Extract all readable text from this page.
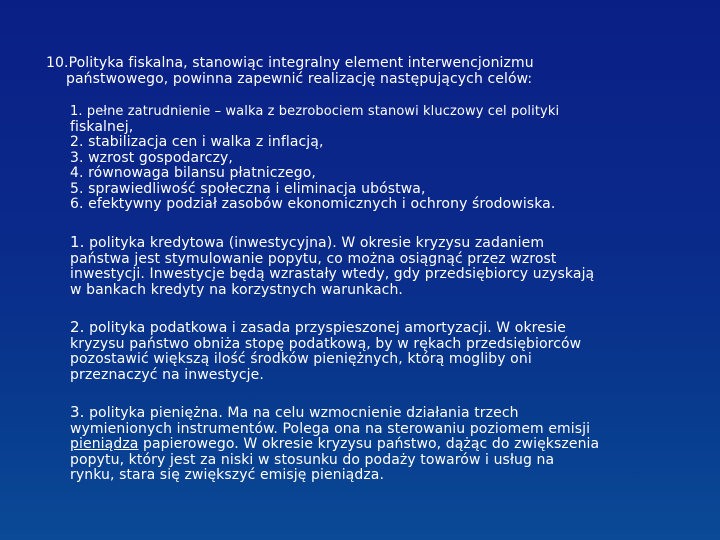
10.Polityka fiskalna, stanowiąc integralny element interwencjonizmu
państwowego, powinna zapewnić realizację następujących celów:
1. pełne zatrudnienie – walka z bezrobociem stanowi kluczowy cel polityki
fiskalnej,
2. stabilizacja cen i walka z inflacją,
3. wzrost gospodarczy,
4. równowaga bilansu płatniczego,
5. sprawiedliwość społeczna i eliminacja ubóstwa,
6. efektywny podział zasobów ekonomicznych i ochrony środowiska.
1. polityka kredytowa (inwestycyjna). W okresie kryzysu zadaniem
państwa jest stymulowanie popytu, co można osiągnąć przez wzrost
inwestycji. Inwestycje będą wzrastały wtedy, gdy przedsiębiorcy uzyskają
w bankach kredyty na korzystnych warunkach.
2. polityka podatkowa i zasada przyspieszonej amortyzacji. W okresie
kryzysu państwo obniża stopę podatkową, by w rękach przedsiębiorców
pozostawić większą ilość środków pieniężnych, którą mogliby oni
przeznaczyć na inwestycje.
3. polityka pieniężna. Ma na celu wzmocnienie działania trzech
wymienionych instrumentów. Polega ona na sterowaniu poziomem emisji
pieniądza papierowego. W okresie kryzysu państwo, dążąc do zwiększenia
popytu, który jest za niski w stosunku do podaży towarów i usług na
rynku, stara się zwiększyć emisję pieniądza.
